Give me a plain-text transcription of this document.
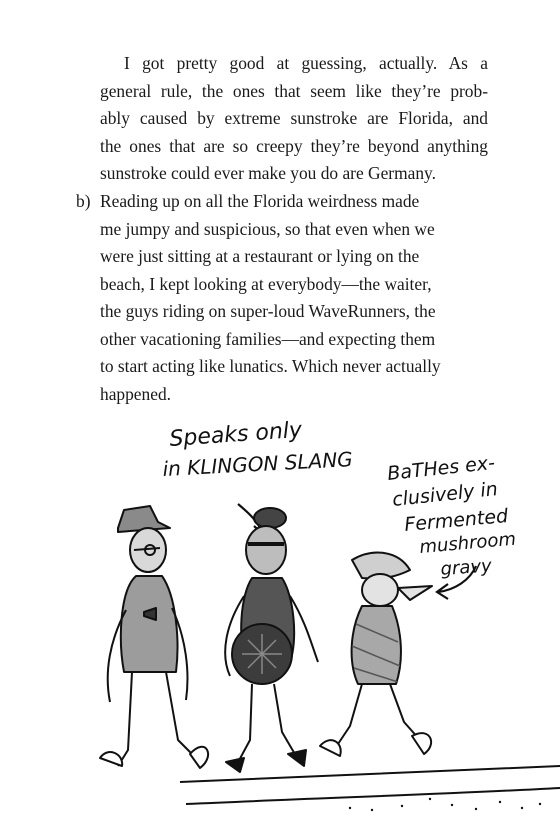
I got pretty good at guessing, actually. As a
general rule, the ones that seem like they’re prob-
ably caused by extreme sunstroke are Florida, and
the ones that are so creepy they’re beyond anything
sunstroke could ever make you do are Germany.
b) Reading up on all the Florida weirdness made
me jumpy and suspicious, so that even when we
were just sitting at a restaurant or lying on the
beach, I kept looking at everybody—the waiter,
the guys riding on super-loud WaveRunners, the
other vacationing families—and expecting them
to start acting like lunatics. Which never actually
happened.
Speaks only
in KLINGON SLANG BaTHes ex-
clusively in
Fermented
mushroom
gravy
